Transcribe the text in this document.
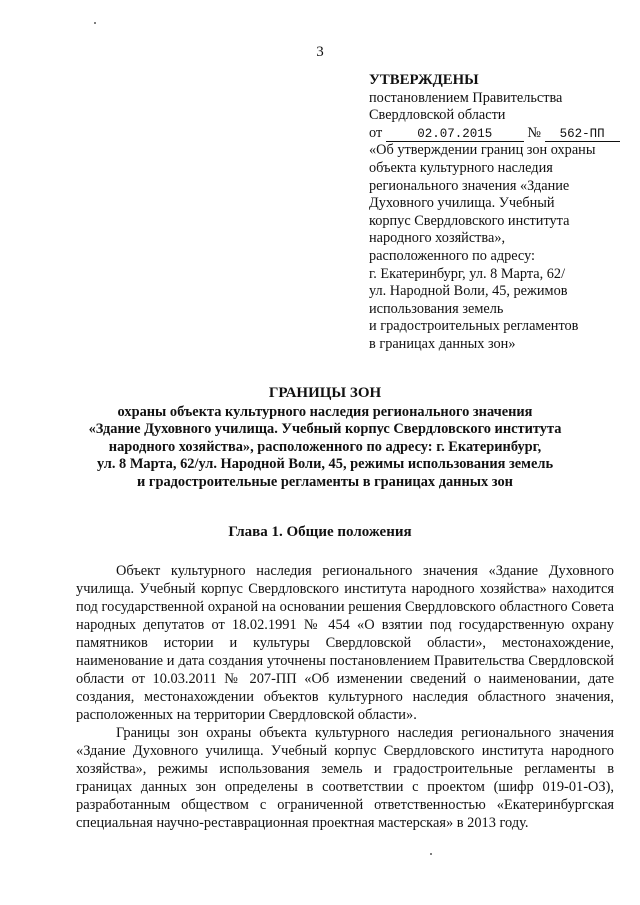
3
УТВЕРЖДЕНЫ
постановлением Правительства
Свердловской области
от	02.07.2015 № 562-ПП
«Об утверждении границ зон охраны
объекта культурного наследия
регионального значения «Здание
Духовного училища. Учебный
корпус Свердловского института
народного хозяйства»,
расположенного по адресу:
г. Екатеринбург, ул. 8 Марта, 62/
ул. Народной Воли, 45, режимов
использования земель
и градостроительных регламентов
в границах данных зон»
ГРАНИЦЫ ЗОН
охраны объекта культурного наследия регионального значения
«Здание Духовного училища. Учебный корпус Свердловского института
народного хозяйства», расположенного по адресу: г. Екатеринбург,
ул. 8 Марта, 62/ул. Народной Воли, 45, режимы использования земель
и градостроительные регламенты в границах данных зон
Глава 1. Общие положения

Объект культурного наследия регионального значения «Здание Духовного училища. Учебный корпус Свердловского института народного хозяйства» находится под государственной охраной на основании решения Свердловского областного Совета народных депутатов от 18.02.1991 № 454 «О взятии под государственную охрану памятников истории и культуры Свердловской области», местонахождение, наименование и дата создания уточнены постановлением Правительства Свердловской области от 10.03.2011 № 207-ПП «Об изменении сведений о наименовании, дате создания, местонахождении объектов культурного наследия областного значения, расположенных на территории Свердловской области».

Границы зон охраны объекта культурного наследия регионального значения «Здание Духовного училища. Учебный корпус Свердловского института народного хозяйства», режимы использования земель и градостроительные регламенты в границах данных зон определены в соответствии с проектом (шифр 019-01-ОЗ), разработанным обществом с ограниченной ответственностью «Екатеринбургская специальная научно-реставрационная проектная мастерская» в 2013 году.
